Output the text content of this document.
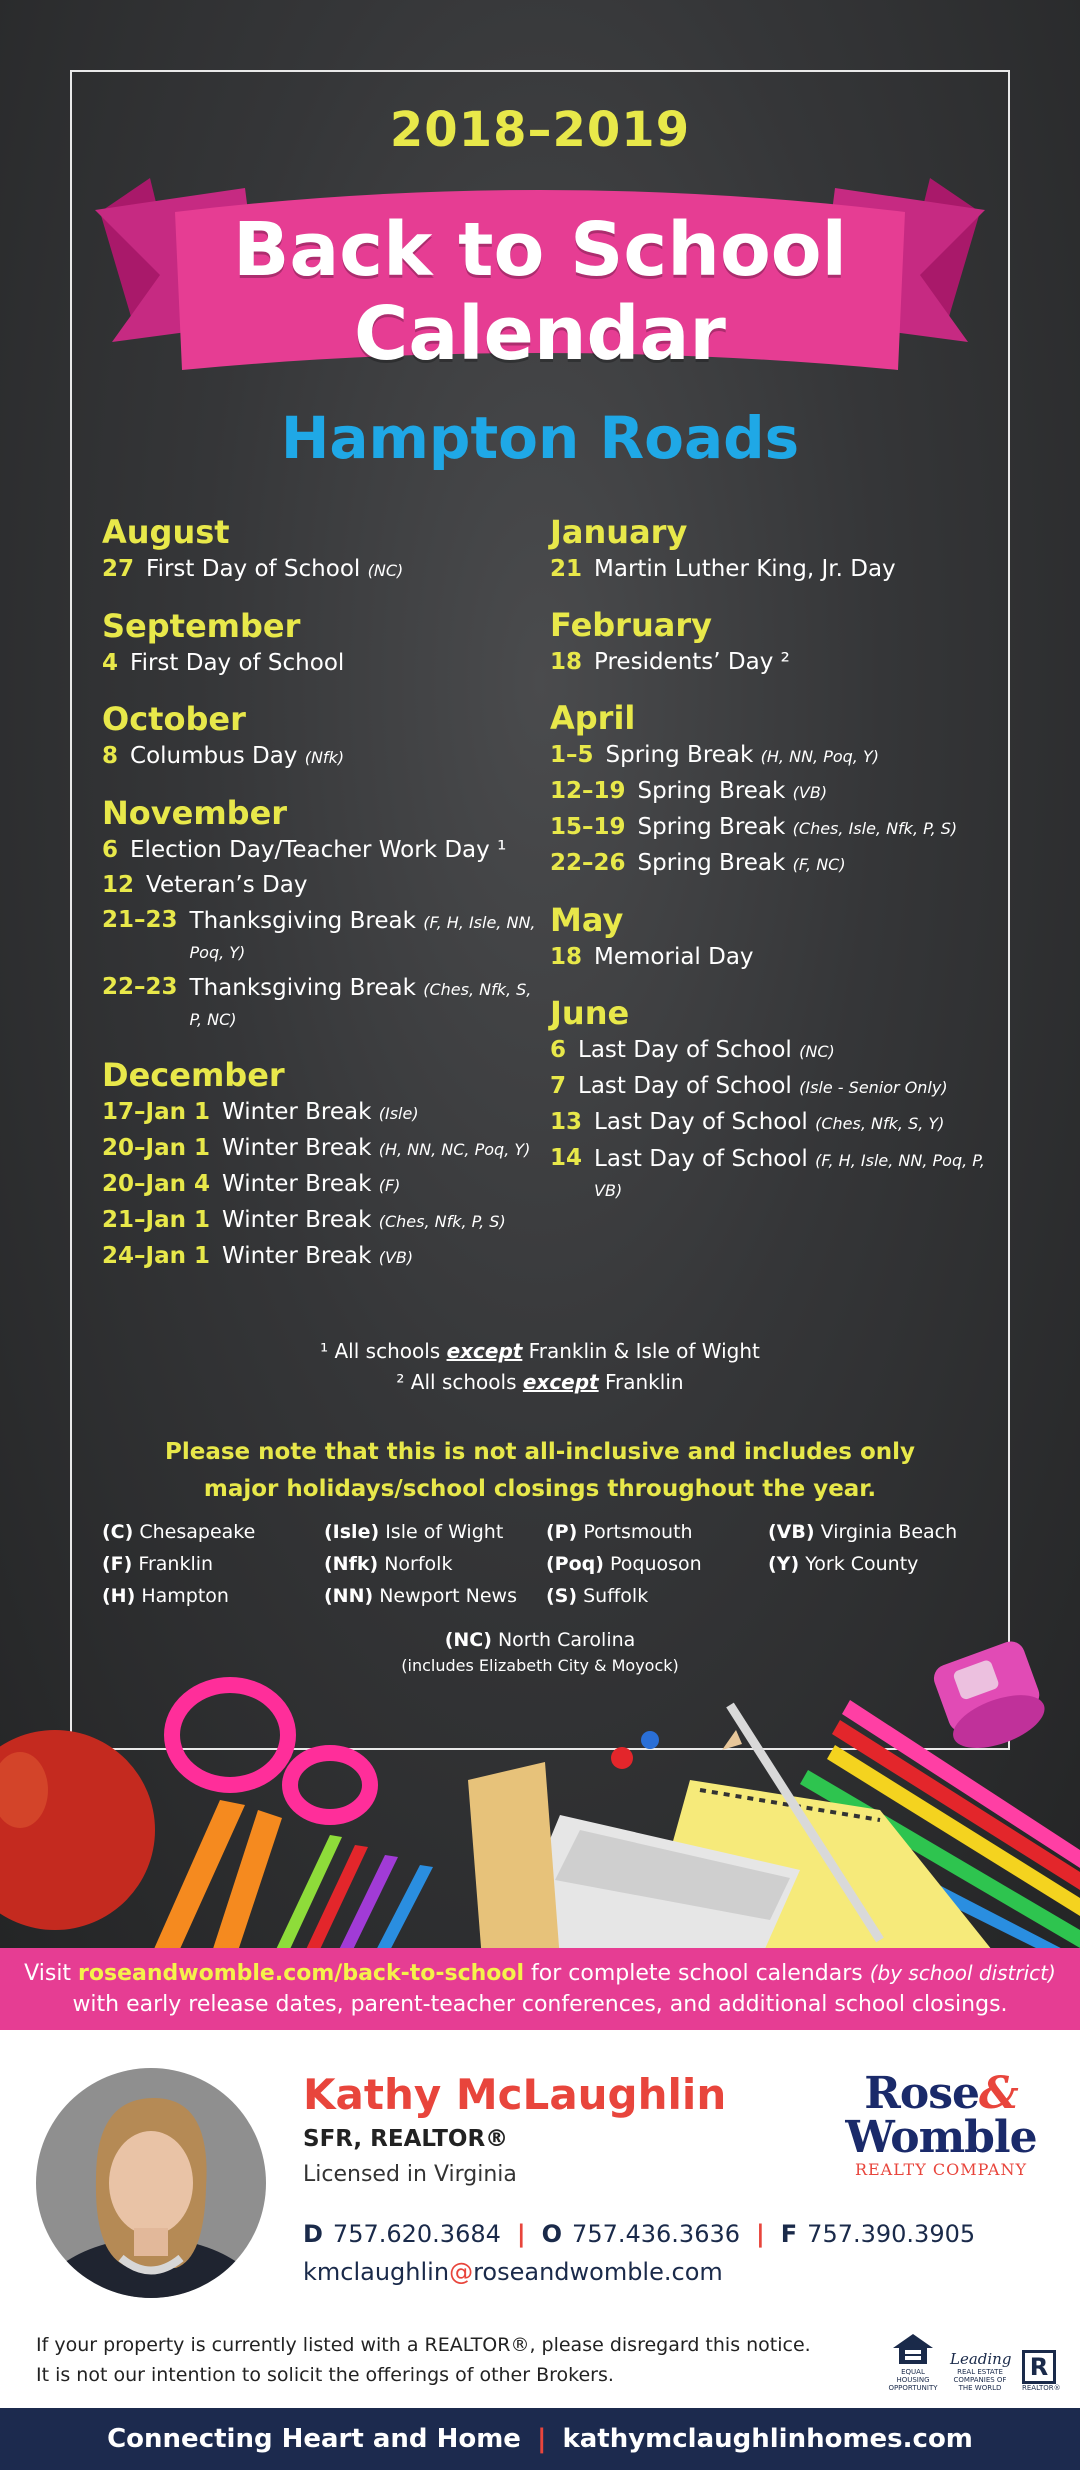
2018–2019
Back to School
Calendar
Hampton Roads
August
27 First Day of School (NC)
September
4 First Day of School
October
8 Columbus Day (Nfk)
November
6 Election Day/Teacher Work Day ¹
12 Veteran’s Day
21–23 Thanksgiving Break (F, H, Isle, NN, Poq, Y)
22–23 Thanksgiving Break (Ches, Nfk, S, P, NC)
December
17–Jan 1 Winter Break (Isle)
20–Jan 1 Winter Break (H, NN, NC, Poq, Y)
20–Jan 4 Winter Break (F)
21–Jan 1 Winter Break (Ches, Nfk, P, S)
24–Jan 1 Winter Break (VB)
January
21 Martin Luther King, Jr. Day
February
18 Presidents’ Day ²
April
1–5 Spring Break (H, NN, Poq, Y)
12–19 Spring Break (VB)
15–19 Spring Break (Ches, Isle, Nfk, P, S)
22–26 Spring Break (F, NC)
May
18 Memorial Day
June
6 Last Day of School (NC)
7 Last Day of School (Isle - Senior Only)
13 Last Day of School (Ches, Nfk, S, Y)
14 Last Day of School (F, H, Isle, NN, Poq, P, VB)
¹ All schools except Franklin & Isle of Wight
² All schools except Franklin
Please note that this is not all-inclusive and includes only
major holidays/school closings throughout the year.
(C) Chesapeake	(Isle) Isle of Wight	(P) Portsmouth	(VB) Virginia Beach
(F) Franklin	(Nfk) Norfolk	(Poq) Poquoson	(Y) York County
(H) Hampton	(NN) Newport News	(S) Suffolk
(NC) North Carolina
(includes Elizabeth City & Moyock)
Visit roseandwomble.com/back-to-school for complete school calendars (by school district)
with early release dates, parent-teacher conferences, and additional school closings.
Kathy McLaughlin
SFR, REALTOR®
Licensed in Virginia
D 757.620.3684 | O 757.436.3636 | F 757.390.3905
kmclaughlin@roseandwomble.com
Rose&
Womble
REALTY COMPANY
If your property is currently listed with a REALTOR®, please disregard this notice.
It is not our intention to solicit the offerings of other Brokers.	EQUAL HOUSING OPPORTUNITY
Leading
REAL ESTATE COMPANIES OF THE WORLD
R
REALTOR®
Connecting Heart and Home | kathymclaughlinhomes.com
